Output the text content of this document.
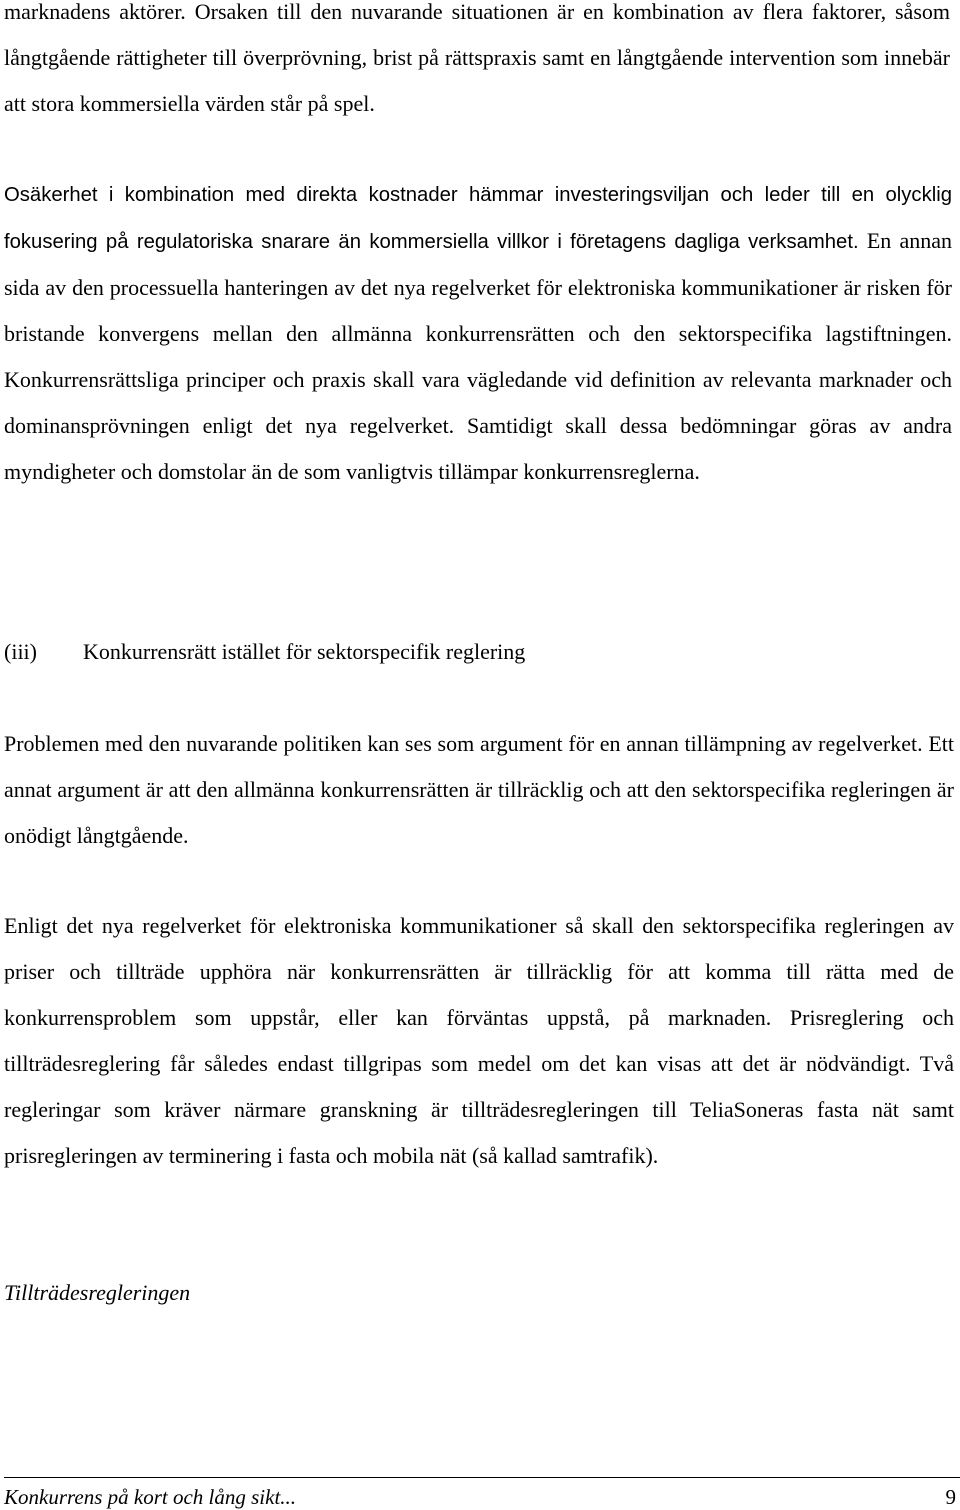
marknadens aktörer. Orsaken till den nuvarande situationen är en kombination av flera faktorer, såsom långtgående rättigheter till överprövning, brist på rättspraxis samt en långtgående intervention som innebär att stora kommersiella värden står på spel.

Osäkerhet i kombination med direkta kostnader hämmar investeringsviljan och leder till en olycklig fokusering på regulatoriska snarare än kommersiella villkor i företagens dagliga verksamhet. En annan sida av den processuella hanteringen av det nya regelverket för elektroniska kommunikationer är risken för bristande konvergens mellan den allmänna konkurrensrätten och den sektorspecifika lagstiftningen. Konkurrensrättsliga principer och praxis skall vara vägledande vid definition av relevanta marknader och dominansprövningen enligt det nya regelverket. Samtidigt skall dessa bedömningar göras av andra myndigheter och domstolar än de som vanligtvis tillämpar konkurrensreglerna.

(iii)	Konkurrensrätt istället för sektorspecifik reglering

Problemen med den nuvarande politiken kan ses som argument för en annan tillämpning av regelverket. Ett annat argument är att den allmänna konkurrensrätten är tillräcklig och att den sektorspecifika regleringen är onödigt långtgående.

Enligt det nya regelverket för elektroniska kommunikationer så skall den sektorspecifika regleringen av priser och tillträde upphöra när konkurrensrätten är tillräcklig för att komma till rätta med de konkurrensproblem som uppstår, eller kan förväntas uppstå, på marknaden. Prisreglering och tillträdesreglering får således endast tillgripas som medel om det kan visas att det är nödvändigt. Två regleringar som kräver närmare granskning är tillträdesregleringen till TeliaSoneras fasta nät samt prisregleringen av terminering i fasta och mobila nät (så kallad samtrafik).

Tillträdesregleringen
Konkurrens på kort och lång sikt...	9
